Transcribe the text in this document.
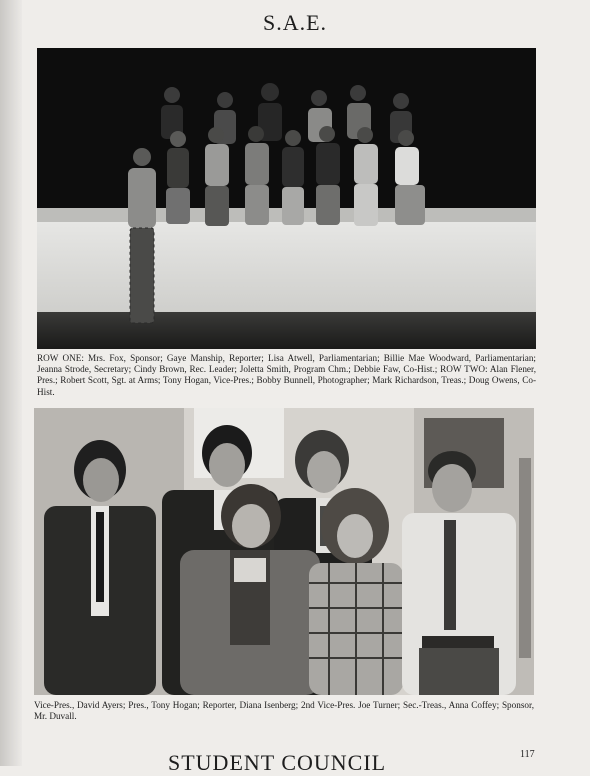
S.A.E.
ROW ONE: Mrs. Fox, Sponsor; Gaye Manship, Reporter; Lisa Atwell, Parliamentarian; Billie Mae Woodward, Parliamentarian; Jeanna Strode, Secretary; Cindy Brown, Rec. Leader; Joletta Smith, Program Chm.; Debbie Faw, Co-Hist.; ROW TWO: Alan Flener, Pres.; Robert Scott, Sgt. at Arms; Tony Hogan, Vice-Pres.; Bobby Bunnell, Photographer; Mark Richardson, Treas.; Doug Owens, Co-Hist.
Vice-Pres., David Ayers; Pres., Tony Hogan; Reporter, Diana Isenberg; 2nd Vice-Pres. Joe Turner; Sec.-Treas., Anna Coffey; Sponsor, Mr. Duvall.
STUDENT COUNCIL	117
